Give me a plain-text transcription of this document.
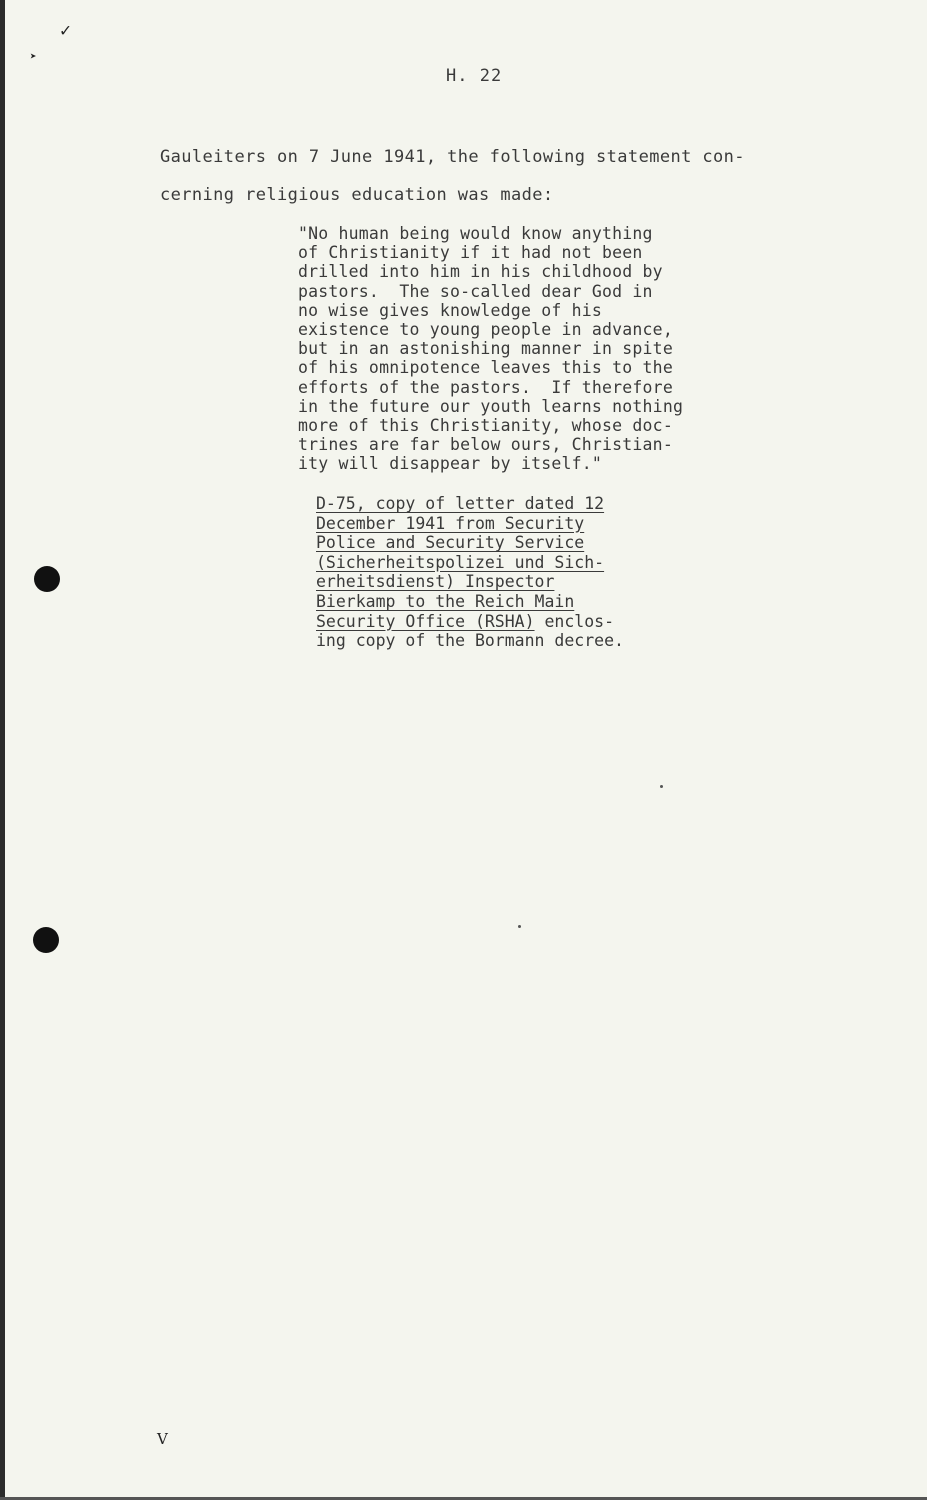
✓
➤
H. 22
Gauleiters on 7 June 1941, the following statement con-
cerning religious education was made:
"No human being would know anything
of Christianity if it had not been
drilled into him in his childhood by
pastors.  The so-called dear God in
no wise gives knowledge of his
existence to young people in advance,
but in an astonishing manner in spite
of his omnipotence leaves this to the
efforts of the pastors.  If therefore
in the future our youth learns nothing
more of this Christianity, whose doc-
trines are far below ours, Christian-
ity will disappear by itself."
D-75, copy of letter dated 12
December 1941 from Security
Police and Security Service
(Sicherheitspolizei und Sich-
erheitsdienst) Inspector
Bierkamp to the Reich Main
Security Office (RSHA) enclos-
ing copy of the Bormann decree.
V
